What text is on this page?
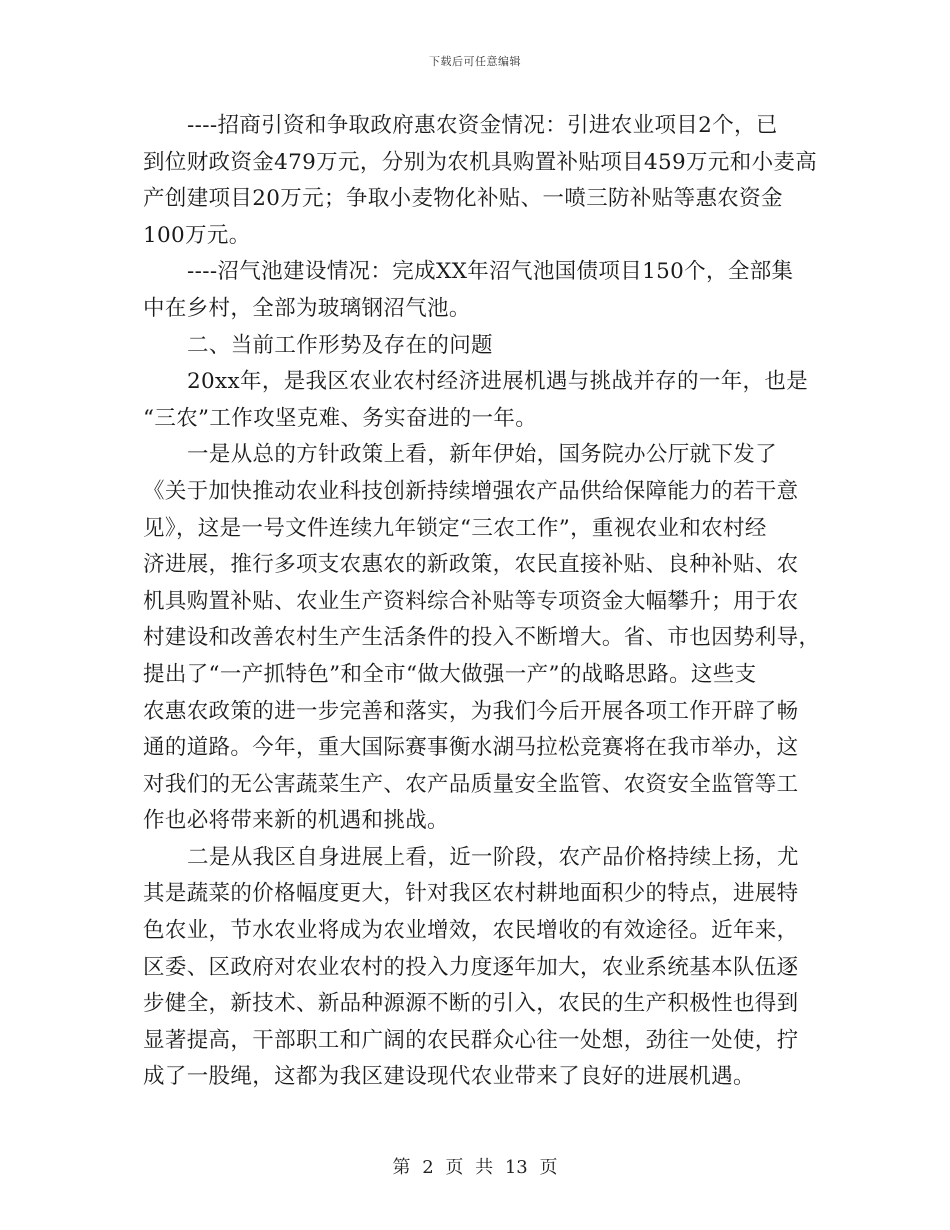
下载后可任意编辑
----招商引资和争取政府惠农资金情况：引进农业项目2个，已
到位财政资金479万元，分别为农机具购置补贴项目459万元和小麦高
产创建项目20万元；争取小麦物化补贴、一喷三防补贴等惠农资金
100万元。
----沼气池建设情况：完成XX年沼气池国债项目150个，全部集
中在乡村，全部为玻璃钢沼气池。
二、当前工作形势及存在的问题
20xx年，是我区农业农村经济进展机遇与挑战并存的一年，也是
“三农”工作攻坚克难、务实奋进的一年。
一是从总的方针政策上看，新年伊始，国务院办公厅就下发了
《关于加快推动农业科技创新持续增强农产品供给保障能力的若干意
见》，这是一号文件连续九年锁定“三农工作”，重视农业和农村经
济进展，推行多项支农惠农的新政策，农民直接补贴、良种补贴、农
机具购置补贴、农业生产资料综合补贴等专项资金大幅攀升；用于农
村建设和改善农村生产生活条件的投入不断增大。省、市也因势利导，
提出了“一产抓特色”和全市“做大做强一产”的战略思路。这些支
农惠农政策的进一步完善和落实，为我们今后开展各项工作开辟了畅
通的道路。今年，重大国际赛事衡水湖马拉松竞赛将在我市举办，这
对我们的无公害蔬菜生产、农产品质量安全监管、农资安全监管等工
作也必将带来新的机遇和挑战。
二是从我区自身进展上看，近一阶段，农产品价格持续上扬，尤
其是蔬菜的价格幅度更大，针对我区农村耕地面积少的特点，进展特
色农业，节水农业将成为农业增效，农民增收的有效途径。近年来，
区委、区政府对农业农村的投入力度逐年加大，农业系统基本队伍逐
步健全，新技术、新品种源源不断的引入，农民的生产积极性也得到
显著提高，干部职工和广阔的农民群众心往一处想，劲往一处使，拧
成了一股绳，这都为我区建设现代农业带来了良好的进展机遇。
第 2 页 共 13 页
